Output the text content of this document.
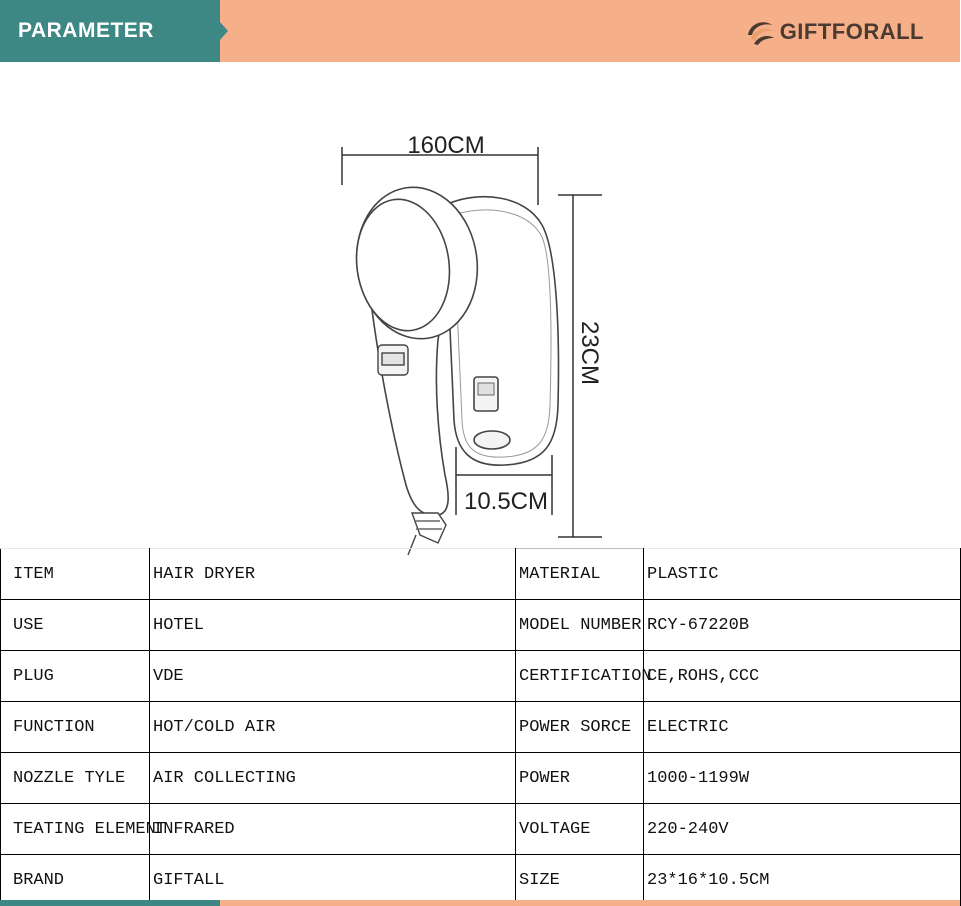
PARAMETER	GIFTFORALL
160CM
23CM
10.5CM
ITEM	HAIR DRYER	MATERIAL	PLASTIC
USE	HOTEL	MODEL NUMBER	RCY-67220B
PLUG	VDE	CERTIFICATION	CE,ROHS,CCC
FUNCTION	HOT/COLD AIR	POWER SORCE	ELECTRIC
NOZZLE TYLE	AIR COLLECTING	POWER	1000-1199W
TEATING ELEMENT	INFRARED	VOLTAGE	220-240V
BRAND	GIFTALL	SIZE	23*16*10.5CM
